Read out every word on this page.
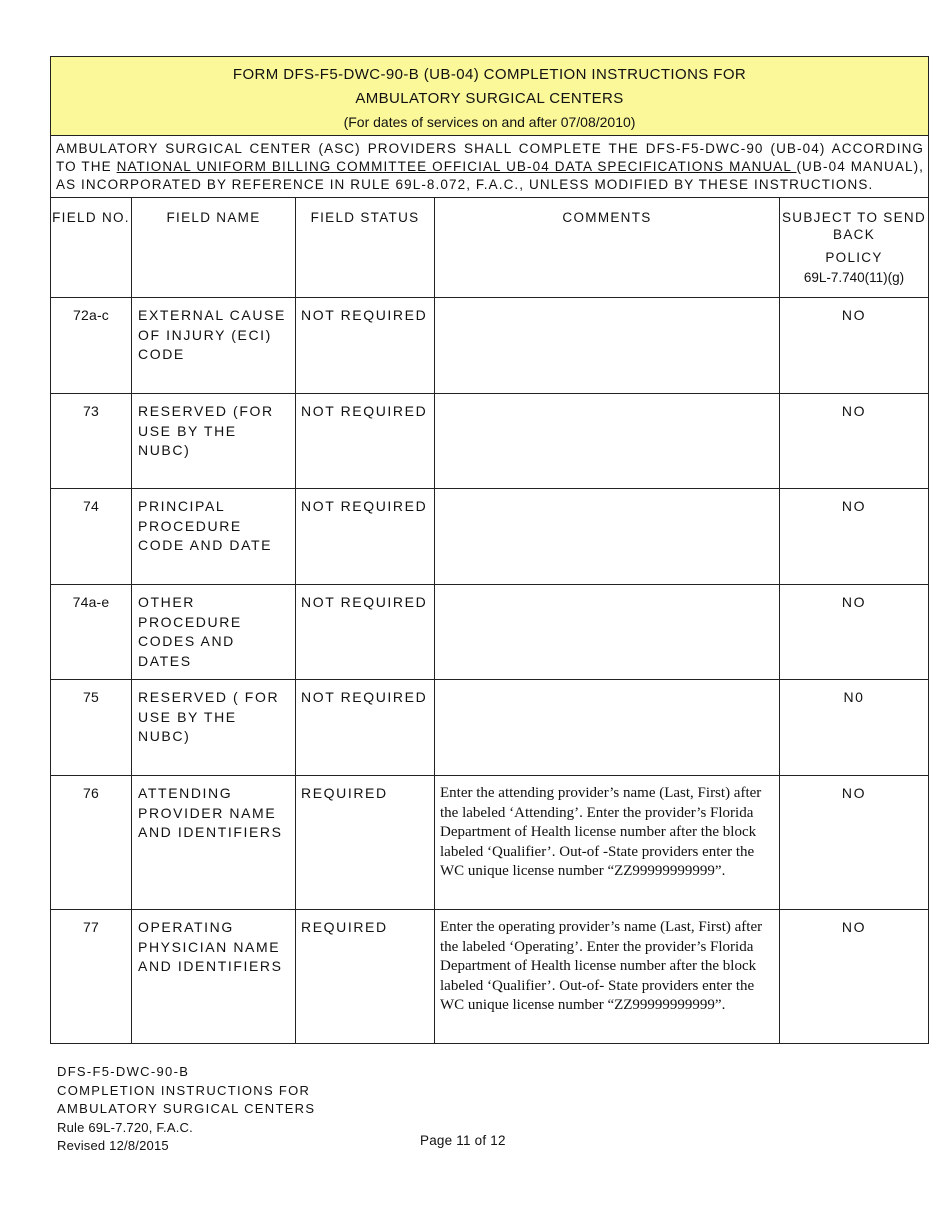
FORM DFS-F5-DWC-90-B (UB-04) COMPLETION INSTRUCTIONS FOR
AMBULATORY SURGICAL CENTERS
(For dates of services on and after 07/08/2010)				

AMBULATORY SURGICAL CENTER (ASC) PROVIDERS SHALL COMPLETE THE DFS-F5-DWC-90 (UB-04) ACCORDING TO THE NATIONAL UNIFORM BILLING COMMITTEE OFFICIAL UB-04 DATA SPECIFICATIONS MANUAL (UB-04 MANUAL), AS INCORPORATED BY REFERENCE IN RULE 69L-8.072, F.A.C., UNLESS MODIFIED BY THESE INSTRUCTIONS.				
FIELD NO.	FIELD NAME	FIELD STATUS	COMMENTS	SUBJECT TO SEND BACK
POLICY
69L-7.740(11)(g)

72a-c	EXTERNAL CAUSE OF INJURY (ECI) CODE	NOT REQUIRED		NO
73	RESERVED (FOR USE BY THE NUBC)	NOT REQUIRED		NO
74	PRINCIPAL PROCEDURE CODE AND DATE	NOT REQUIRED		NO
74a-e	OTHER PROCEDURE CODES AND DATES	NOT REQUIRED		NO
75	RESERVED ( FOR USE BY THE NUBC)	NOT REQUIRED		N0
76	ATTENDING PROVIDER NAME AND IDENTIFIERS	REQUIRED	Enter the attending provider’s name (Last, First) after the labeled ‘Attending’. Enter the provider’s Florida Department of Health license number after the block labeled ‘Qualifier’. Out-of -State providers enter the WC unique license number “ZZ99999999999”.	NO
77	OPERATING PHYSICIAN NAME AND IDENTIFIERS	REQUIRED	Enter the operating provider’s name (Last, First) after the labeled ‘Operating’. Enter the provider’s Florida Department of Health license number after the block labeled ‘Qualifier’. Out-of- State providers enter the WC unique license number “ZZ99999999999”.	NO
DFS-F5-DWC-90-B
COMPLETION INSTRUCTIONS FOR
AMBULATORY SURGICAL CENTERS
Rule 69L-7.720, F.A.C.
Revised 12/8/2015	Page 11 of 12
